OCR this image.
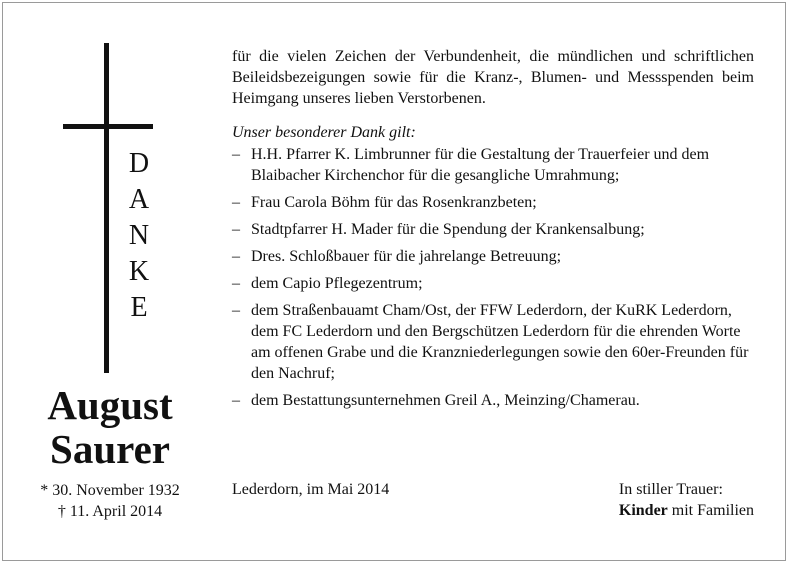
D
A
N
K
E
August
Saurer
* 30. November 1932
† 11. April 2014

für die vielen Zeichen der Verbundenheit, die mündlichen und schriftlichen Beileidsbezeigungen sowie für die Kranz-, Blumen- und Messspenden beim Heimgang unseres lieben Verstorbenen.

Unser besonderer Dank gilt:

– H.H. Pfarrer K. Limbrunner für die Gestaltung der Trauerfeier und dem Blaibacher Kirchenchor für die gesangliche Umrahmung;
– Frau Carola Böhm für das Rosenkranzbeten;
– Stadtpfarrer H. Mader für die Spendung der Krankensalbung;
– Dres. Schloßbauer für die jahrelange Betreuung;
– dem Capio Pflegezentrum;
– dem Straßenbauamt Cham/Ost, der FFW Lederdorn, der KuRK Lederdorn, dem FC Lederdorn und den Bergschützen Lederdorn für die ehrenden Worte am offenen Grabe und die Kranzniederlegungen sowie den 60er-Freunden für den Nachruf;
– dem Bestattungsunternehmen Greil A., Meinzing/Chamerau.
Lederdorn, im Mai 2014	In stiller Trauer:
Kinder mit Familien
